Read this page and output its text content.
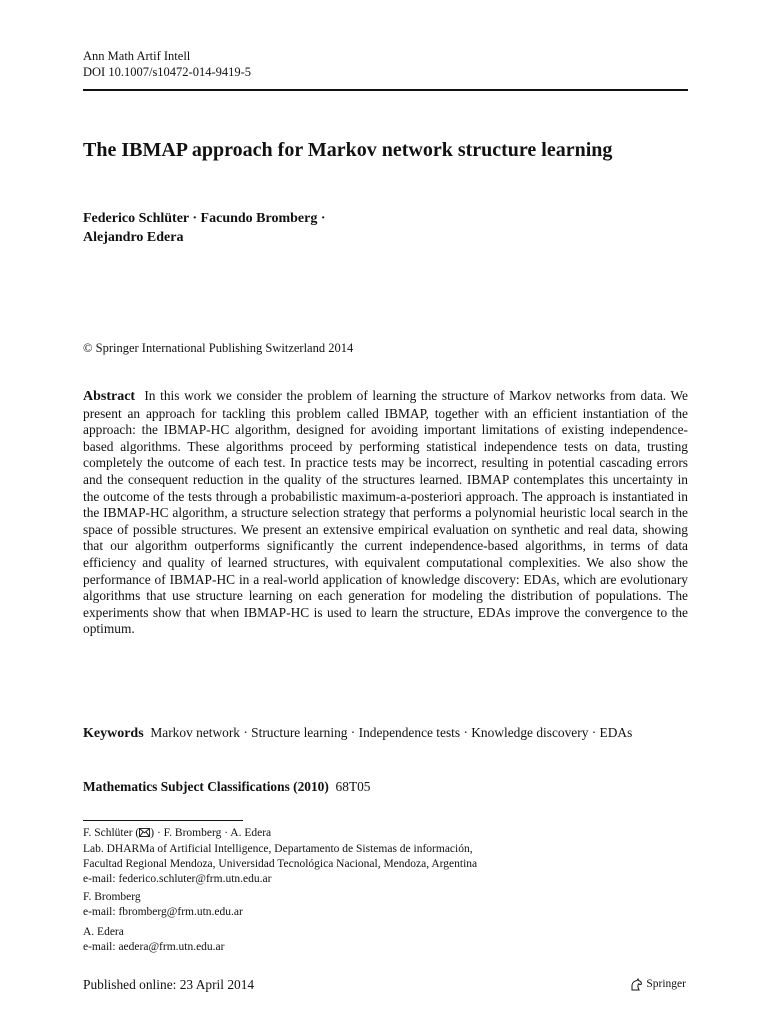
Ann Math Artif Intell
DOI 10.1007/s10472-014-9419-5
The IBMAP approach for Markov network structure learning
Federico Schlüter · Facundo Bromberg ·
Alejandro Edera
© Springer International Publishing Switzerland 2014

Abstract In this work we consider the problem of learning the structure of Markov networks from data. We present an approach for tackling this problem called IBMAP, together with an efficient instantiation of the approach: the IBMAP-HC algorithm, designed for avoiding important limitations of existing independence-based algorithms. These algorithms proceed by performing statistical independence tests on data, trusting completely the outcome of each test. In practice tests may be incorrect, resulting in potential cascading errors and the consequent reduction in the quality of the structures learned. IBMAP contemplates this uncertainty in the outcome of the tests through a probabilistic maximum-a-posteriori approach. The approach is instantiated in the IBMAP-HC algorithm, a structure selection strategy that performs a polynomial heuristic local search in the space of possible structures. We present an extensive empirical evaluation on synthetic and real data, showing that our algorithm outperforms significantly the current independence-based algorithms, in terms of data efficiency and quality of learned structures, with equivalent computational complexities. We also show the performance of IBMAP-HC in a real-world application of knowledge discovery: EDAs, which are evolutionary algorithms that use structure learning on each generation for modeling the distribution of populations. The experiments show that when IBMAP-HC is used to learn the structure, EDAs improve the convergence to the optimum.

Keywords Markov network · Structure learning · Independence tests · Knowledge discovery · EDAs

Mathematics Subject Classifications (2010) 68T05
F. Schlüter ( ) · F. Bromberg · A. Edera
Lab. DHARMa of Artificial Intelligence, Departamento de Sistemas de información,
Facultad Regional Mendoza, Universidad Tecnológica Nacional, Mendoza, Argentina
e-mail: federico.schluter@frm.utn.edu.ar
F. Bromberg
e-mail: fbromberg@frm.utn.edu.ar
A. Edera
e-mail: aedera@frm.utn.edu.ar
Published online: 23 April 2014	Springer
